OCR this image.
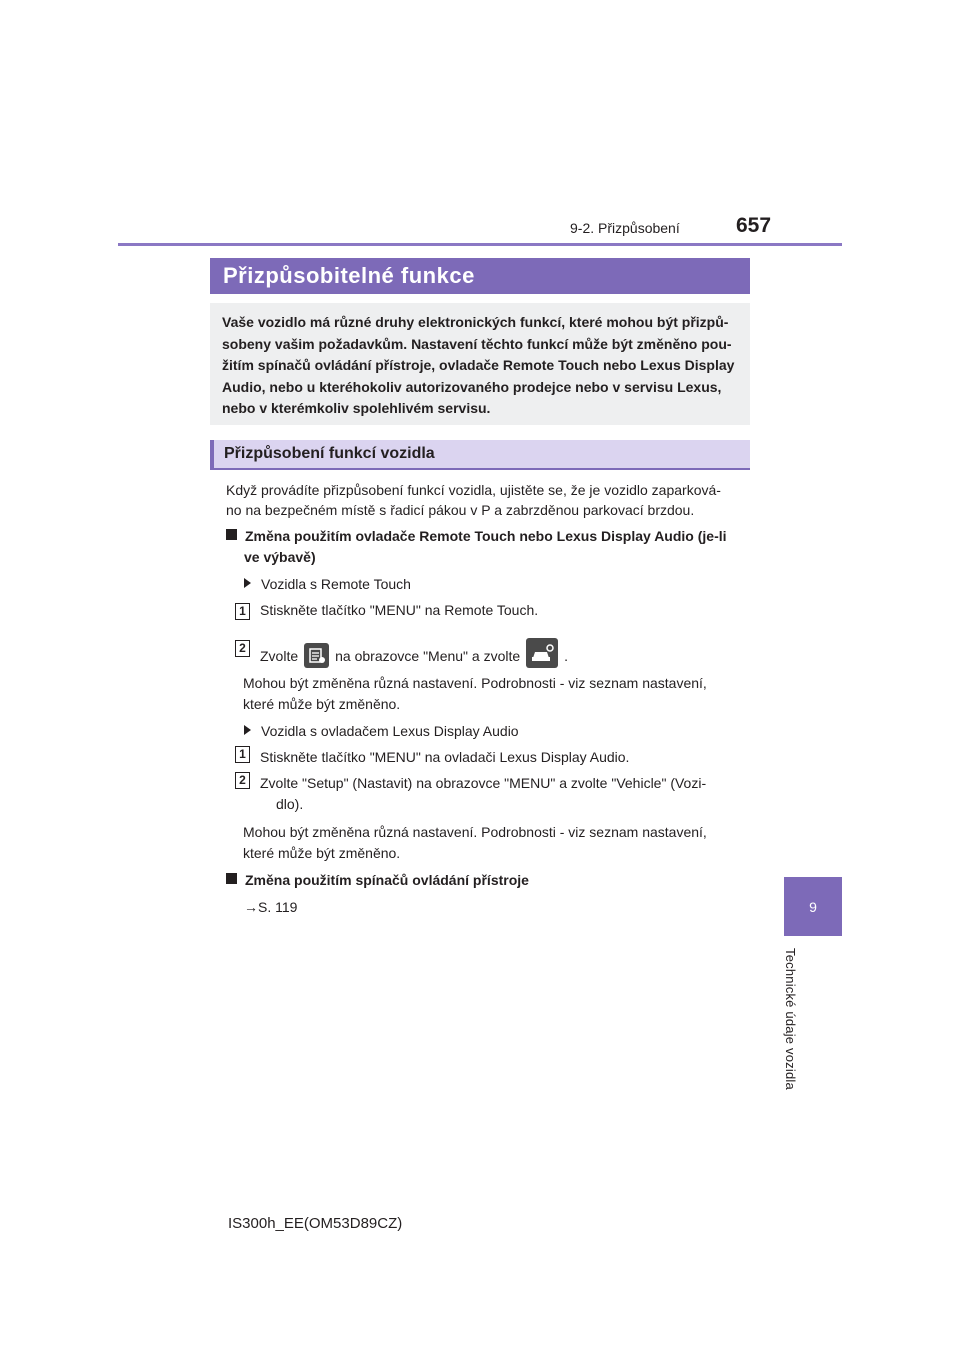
9-2. Přizpůsobení	657
9
Technické údaje vozidla
Přizpůsobitelné funkce
Vaše vozidlo má různé druhy elektronických funkcí, které mohou být přizpů-
sobeny vašim požadavkům. Nastavení těchto funkcí může být změněno pou-
žitím spínačů ovládání přístroje, ovladače Remote Touch nebo Lexus Display
Audio, nebo u kteréhokoliv autorizovaného prodejce nebo v servisu Lexus,
nebo v kterémkoliv spolehlivém servisu.
Přizpůsobení funkcí vozidla
Když provádíte přizpůsobení funkcí vozidla, ujistěte se, že je vozidlo zaparková-
no na bezpečném místě s řadicí pákou v P a zabrzděnou parkovací brzdou.
Změna použitím ovladače Remote Touch nebo Lexus Display Audio (je-li
ve výbavě)
Vozidla s Remote Touch
1 Stiskněte tlačítko "MENU" na Remote Touch.
2 Zvolte	na obrazovce "Menu" a zvolte	.
Mohou být změněna různá nastavení. Podrobnosti - viz seznam nastavení,
které může být změněno.
Vozidla s ovladačem Lexus Display Audio
1 Stiskněte tlačítko "MENU" na ovladači Lexus Display Audio.
2 Zvolte "Setup" (Nastavit) na obrazovce "MENU" a zvolte "Vehicle" (Vozi-
dlo).
Mohou být změněna různá nastavení. Podrobnosti - viz seznam nastavení,
které může být změněno.
Změna použitím spínačů ovládání přístroje
→S. 119
IS300h_EE(OM53D89CZ)
